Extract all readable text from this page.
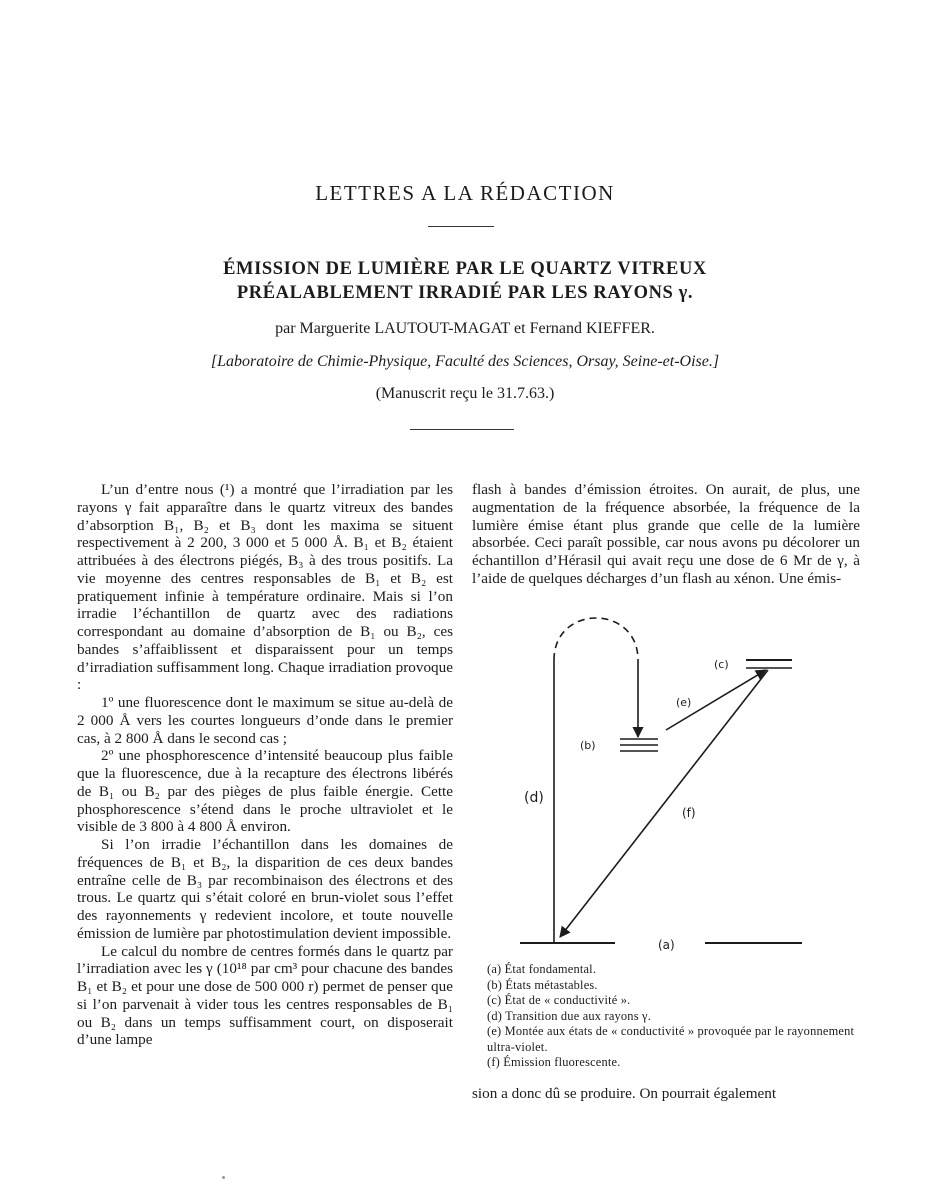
LETTRES A LA RÉDACTION
ÉMISSION DE LUMIÈRE PAR LE QUARTZ VITREUX
PRÉALABLEMENT IRRADIÉ PAR LES RAYONS γ.
par Marguerite LAUTOUT-MAGAT et Fernand KIEFFER.
[Laboratoire de Chimie-Physique, Faculté des Sciences, Orsay, Seine-et-Oise.]
(Manuscrit reçu le 31.7.63.)

L’un d’entre nous (¹) a montré que l’irradiation par les rayons γ fait apparaître dans le quartz vitreux des bandes d’absorption B₁, B₂ et B₃ dont les maxima se situent respectivement à 2 200, 3 000 et 5 000 Å. B₁ et B₂ étaient attribuées à des électrons piégés, B₃ à des trous positifs. La vie moyenne des centres responsables de B₁ et B₂ est pratiquement infinie à température ordinaire. Mais si l’on irradie l’échantillon de quartz avec des radiations correspondant au domaine d’absorption de B₁ ou B₂, ces bandes s’affaiblissent et disparaissent pour un temps d’irradiation suffisamment long. Chaque irradiation provoque :

1º une fluorescence dont le maximum se situe au-delà de 2 000 Å vers les courtes longueurs d’onde dans le premier cas, à 2 800 Å dans le second cas ;

2º une phosphorescence d’intensité beaucoup plus faible que la fluorescence, due à la recapture des électrons libérés de B₁ ou B₂ par des pièges de plus faible énergie. Cette phosphorescence s’étend dans le proche ultraviolet et le visible de 3 800 à 4 800 Å environ.

Si l’on irradie l’échantillon dans les domaines de fréquences de B₁ et B₂, la disparition de ces deux bandes entraîne celle de B₃ par recombinaison des électrons et des trous. Le quartz qui s’était coloré en brun-violet sous l’effet des rayonnements γ redevient incolore, et toute nouvelle émission de lumière par photostimulation devient impossible.

Le calcul du nombre de centres formés dans le quartz par l’irradiation avec les γ (10¹⁸ par cm³ pour chacune des bandes B₁ et B₂ et pour une dose de 500 000 r) permet de penser que si l’on parvenait à vider tous les centres responsables de B₁ ou B₂ dans un temps suffisamment court, on disposerait d’une lampe

flash à bandes d’émission étroites. On aurait, de plus, une augmentation de la fréquence absorbée, la fréquence de la lumière émise étant plus grande que celle de la lumière absorbée. Ceci paraît possible, car nous avons pu décolorer un échantillon d’Hérasil qui avait reçu une dose de 6 Mr de γ, à l’aide de quelques décharges d’un flash au xénon. Une émis-

(c)
(e)
(b)
(d)
(f)
(a)
(a) État fondamental.
(b) États métastables.
(c) État de « conductivité ».
(d) Transition due aux rayons γ.
(e) Montée aux états de « conductivité » provoquée par le rayonnement ultra-violet.
(f) Émission fluorescente.

sion a donc dû se produire. On pourrait également
